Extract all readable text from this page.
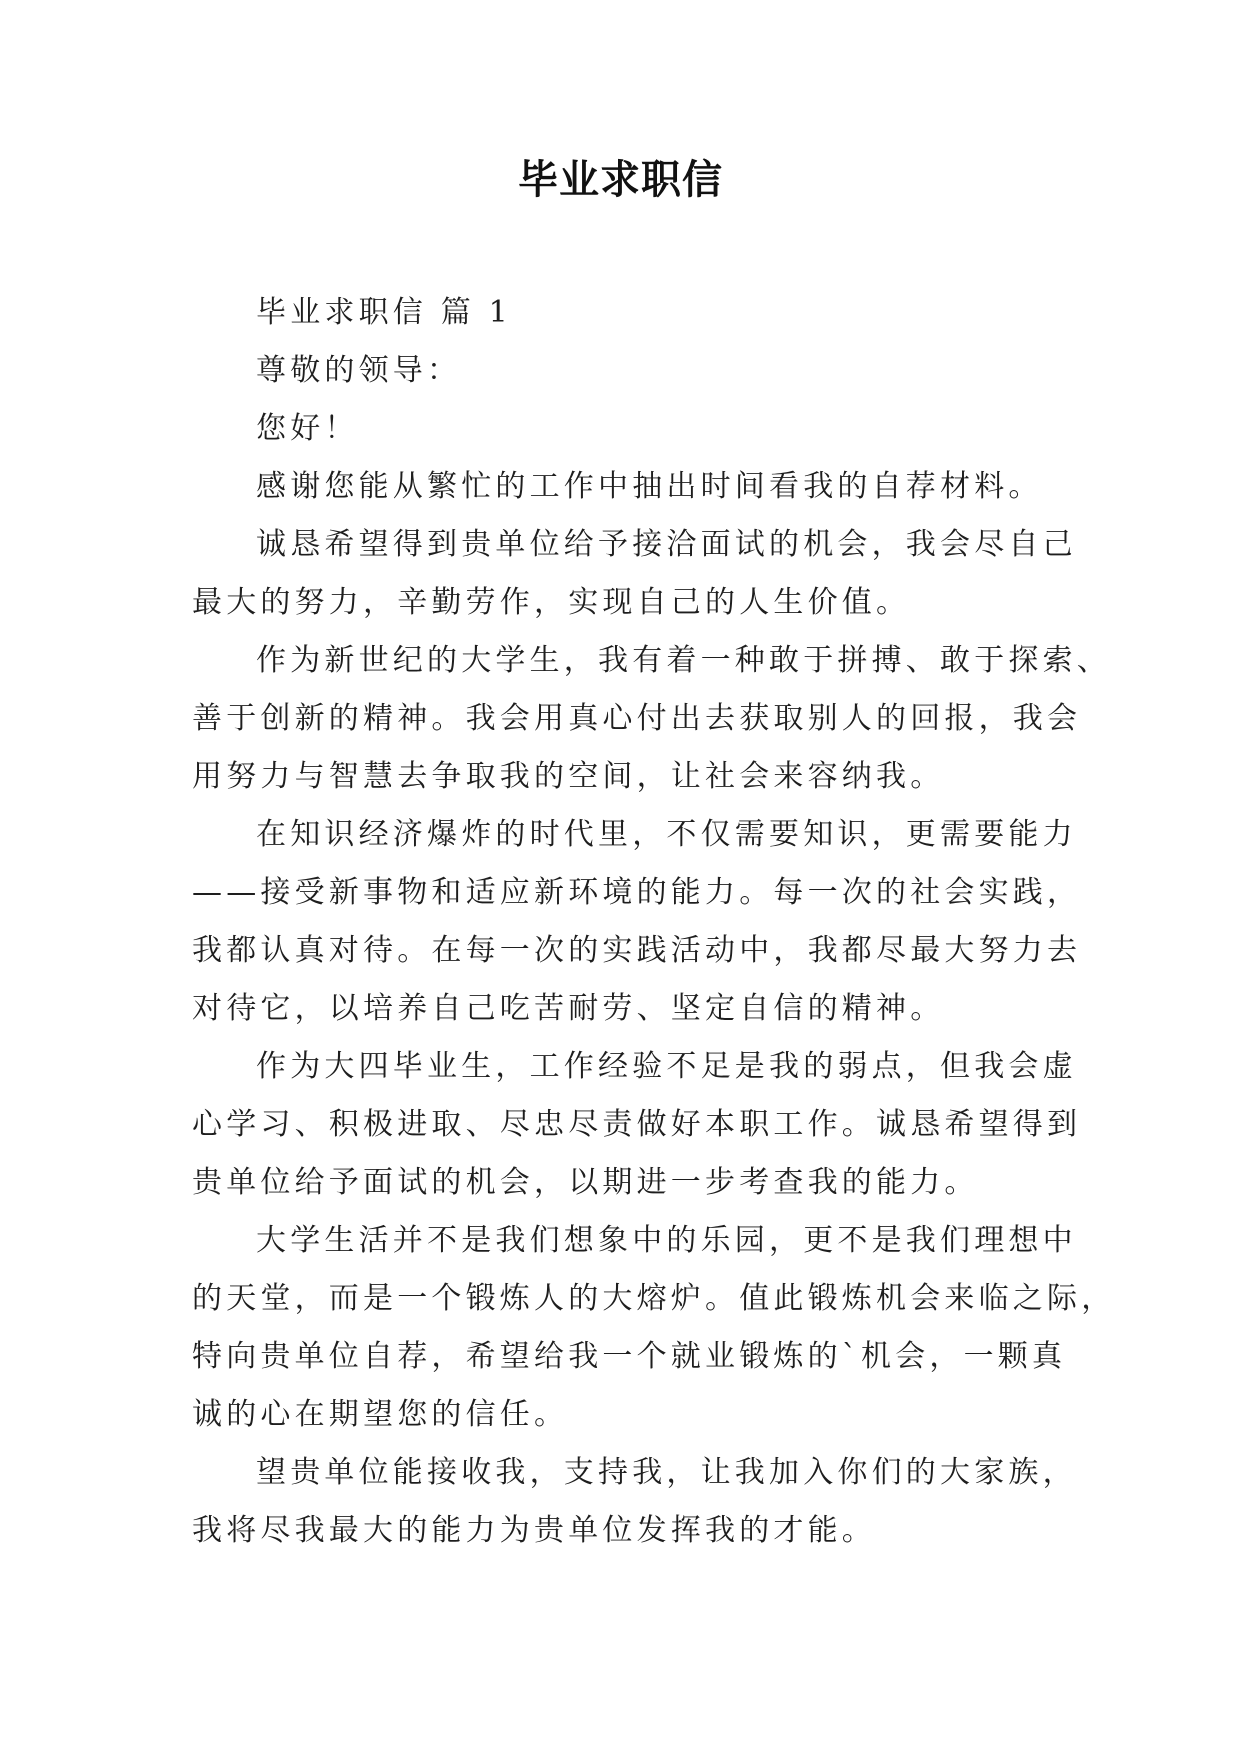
毕业求职信

毕业求职信 篇 1

尊敬的领导：

您好！

感谢您能从繁忙的工作中抽出时间看我的自荐材料。

诚恳希望得到贵单位给予接洽面试的机会，我会尽自己
最大的努力，辛勤劳作，实现自己的人生价值。

作为新世纪的大学生，我有着一种敢于拼搏、敢于探索、
善于创新的精神。我会用真心付出去获取别人的回报，我会
用努力与智慧去争取我的空间，让社会来容纳我。

在知识经济爆炸的时代里，不仅需要知识，更需要能力
——接受新事物和适应新环境的能力。每一次的社会实践，
我都认真对待。在每一次的实践活动中，我都尽最大努力去
对待它，以培养自己吃苦耐劳、坚定自信的精神。

作为大四毕业生，工作经验不足是我的弱点，但我会虚
心学习、积极进取、尽忠尽责做好本职工作。诚恳希望得到
贵单位给予面试的机会，以期进一步考查我的能力。

大学生活并不是我们想象中的乐园，更不是我们理想中
的天堂，而是一个锻炼人的大熔炉。值此锻炼机会来临之际，
特向贵单位自荐，希望给我一个就业锻炼的`机会，一颗真
诚的心在期望您的信任。

望贵单位能接收我，支持我，让我加入你们的大家族，
我将尽我最大的能力为贵单位发挥我的才能。
